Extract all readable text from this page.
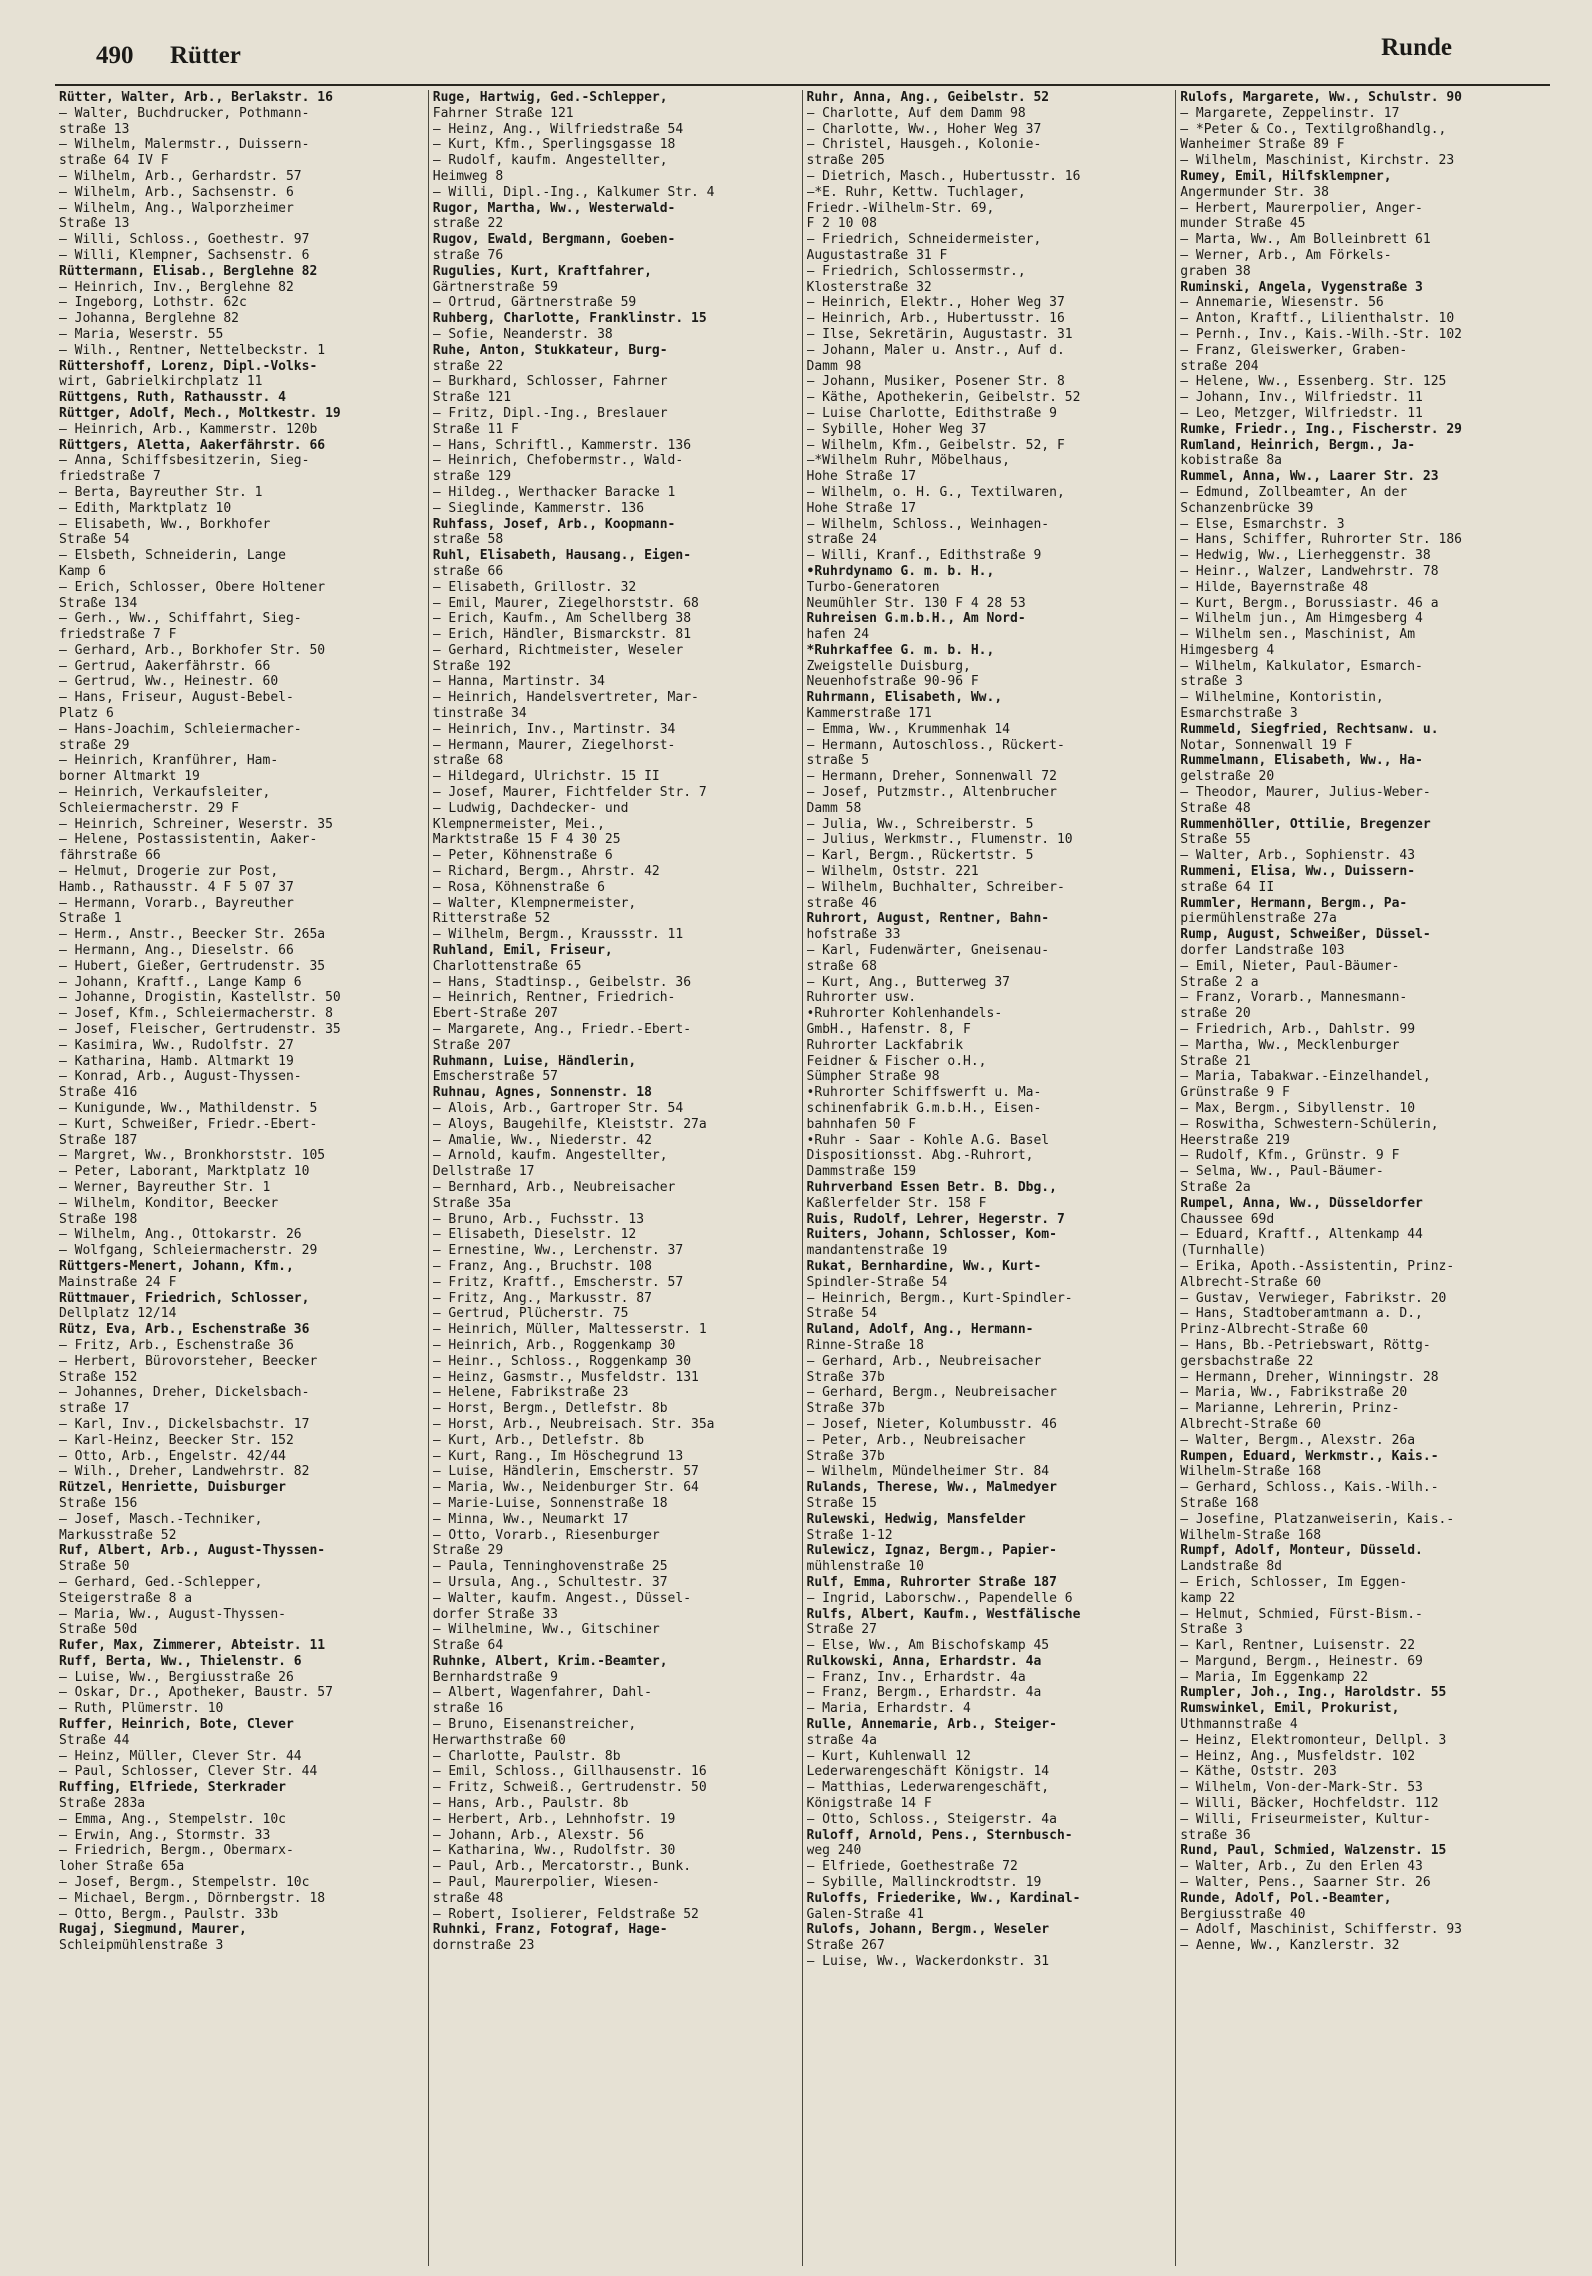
490 Rütter	Runde
Rütter, Walter, Arb., Berlakstr. 16
— Walter, Buchdrucker, Pothmann-
straße 13
— Wilhelm, Malermstr., Duissern-
straße 64 IV F
— Wilhelm, Arb., Gerhardstr. 57
— Wilhelm, Arb., Sachsenstr. 6
— Wilhelm, Ang., Walporzheimer
Straße 13
— Willi, Schloss., Goethestr. 97
— Willi, Klempner, Sachsenstr. 6
Rüttermann, Elisab., Berglehne 82
— Heinrich, Inv., Berglehne 82
— Ingeborg, Lothstr. 62c
— Johanna, Berglehne 82
— Maria, Weserstr. 55
— Wilh., Rentner, Nettelbeckstr. 1
Rüttershoff, Lorenz, Dipl.-Volks-
wirt, Gabrielkirchplatz 11
Rüttgens, Ruth, Rathausstr. 4
Rüttger, Adolf, Mech., Moltkestr. 19
— Heinrich, Arb., Kammerstr. 120b
Rüttgers, Aletta, Aakerfährstr. 66
— Anna, Schiffsbesitzerin, Sieg-
friedstraße 7
— Berta, Bayreuther Str. 1
— Edith, Marktplatz 10
— Elisabeth, Ww., Borkhofer
Straße 54
— Elsbeth, Schneiderin, Lange
Kamp 6
— Erich, Schlosser, Obere Holtener
Straße 134
— Gerh., Ww., Schiffahrt, Sieg-
friedstraße 7 F
— Gerhard, Arb., Borkhofer Str. 50
— Gertrud, Aakerfährstr. 66
— Gertrud, Ww., Heinestr. 60
— Hans, Friseur, August-Bebel-
Platz 6
— Hans-Joachim, Schleiermacher-
straße 29
— Heinrich, Kranführer, Ham-
borner Altmarkt 19
— Heinrich, Verkaufsleiter,
Schleiermacherstr. 29 F
— Heinrich, Schreiner, Weserstr. 35
— Helene, Postassistentin, Aaker-
fährstraße 66
— Helmut, Drogerie zur Post,
Hamb., Rathausstr. 4 F 5 07 37
— Hermann, Vorarb., Bayreuther
Straße 1
— Herm., Anstr., Beecker Str. 265a
— Hermann, Ang., Dieselstr. 66
— Hubert, Gießer, Gertrudenstr. 35
— Johann, Kraftf., Lange Kamp 6
— Johanne, Drogistin, Kastellstr. 50
— Josef, Kfm., Schleiermacherstr. 8
— Josef, Fleischer, Gertrudenstr. 35
— Kasimira, Ww., Rudolfstr. 27
— Katharina, Hamb. Altmarkt 19
— Konrad, Arb., August-Thyssen-
Straße 416
— Kunigunde, Ww., Mathildenstr. 5
— Kurt, Schweißer, Friedr.-Ebert-
Straße 187
— Margret, Ww., Bronkhorststr. 105
— Peter, Laborant, Marktplatz 10
— Werner, Bayreuther Str. 1
— Wilhelm, Konditor, Beecker
Straße 198
— Wilhelm, Ang., Ottokarstr. 26
— Wolfgang, Schleiermacherstr. 29
Rüttgers-Menert, Johann, Kfm.,
Mainstraße 24 F
Rüttmauer, Friedrich, Schlosser,
Dellplatz 12/14
Rütz, Eva, Arb., Eschenstraße 36
— Fritz, Arb., Eschenstraße 36
— Herbert, Bürovorsteher, Beecker
Straße 152
— Johannes, Dreher, Dickelsbach-
straße 17
— Karl, Inv., Dickelsbachstr. 17
— Karl-Heinz, Beecker Str. 152
— Otto, Arb., Engelstr. 42/44
— Wilh., Dreher, Landwehrstr. 82
Rützel, Henriette, Duisburger
Straße 156
— Josef, Masch.-Techniker,
Markusstraße 52
Ruf, Albert, Arb., August-Thyssen-
Straße 50
— Gerhard, Ged.-Schlepper,
Steigerstraße 8 a
— Maria, Ww., August-Thyssen-
Straße 50d
Rufer, Max, Zimmerer, Abteistr. 11
Ruff, Berta, Ww., Thielenstr. 6
— Luise, Ww., Bergiusstraße 26
— Oskar, Dr., Apotheker, Baustr. 57
— Ruth, Plümerstr. 10
Ruffer, Heinrich, Bote, Clever
Straße 44
— Heinz, Müller, Clever Str. 44
— Paul, Schlosser, Clever Str. 44
Ruffing, Elfriede, Sterkrader
Straße 283a
— Emma, Ang., Stempelstr. 10c
— Erwin, Ang., Stormstr. 33
— Friedrich, Bergm., Obermarx-
loher Straße 65a
— Josef, Bergm., Stempelstr. 10c
— Michael, Bergm., Dörnbergstr. 18
— Otto, Bergm., Paulstr. 33b
Rugaj, Siegmund, Maurer,
Schleipmühlenstraße 3
Ruge, Hartwig, Ged.-Schlepper,
Fahrner Straße 121
— Heinz, Ang., Wilfriedstraße 54
— Kurt, Kfm., Sperlingsgasse 18
— Rudolf, kaufm. Angestellter,
Heimweg 8
— Willi, Dipl.-Ing., Kalkumer Str. 4
Rugor, Martha, Ww., Westerwald-
straße 22
Rugov, Ewald, Bergmann, Goeben-
straße 76
Rugulies, Kurt, Kraftfahrer,
Gärtnerstraße 59
— Ortrud, Gärtnerstraße 59
Ruhberg, Charlotte, Franklinstr. 15
— Sofie, Neanderstr. 38
Ruhe, Anton, Stukkateur, Burg-
straße 22
— Burkhard, Schlosser, Fahrner
Straße 121
— Fritz, Dipl.-Ing., Breslauer
Straße 11 F
— Hans, Schriftl., Kammerstr. 136
— Heinrich, Chefobermstr., Wald-
straße 129
— Hildeg., Werthacker Baracke 1
— Sieglinde, Kammerstr. 136
Ruhfass, Josef, Arb., Koopmann-
straße 58
Ruhl, Elisabeth, Hausang., Eigen-
straße 66
— Elisabeth, Grillostr. 32
— Emil, Maurer, Ziegelhorststr. 68
— Erich, Kaufm., Am Schellberg 38
— Erich, Händler, Bismarckstr. 81
— Gerhard, Richtmeister, Weseler
Straße 192
— Hanna, Martinstr. 34
— Heinrich, Handelsvertreter, Mar-
tinstraße 34
— Heinrich, Inv., Martinstr. 34
— Hermann, Maurer, Ziegelhorst-
straße 68
— Hildegard, Ulrichstr. 15 II
— Josef, Maurer, Fichtfelder Str. 7
— Ludwig, Dachdecker- und
Klempnermeister, Mei.,
Marktstraße 15 F 4 30 25
— Peter, Köhnenstraße 6
— Richard, Bergm., Ahrstr. 42
— Rosa, Köhnenstraße 6
— Walter, Klempnermeister,
Ritterstraße 52
— Wilhelm, Bergm., Kraussstr. 11
Ruhland, Emil, Friseur,
Charlottenstraße 65
— Hans, Stadtinsp., Geibelstr. 36
— Heinrich, Rentner, Friedrich-
Ebert-Straße 207
— Margarete, Ang., Friedr.-Ebert-
Straße 207
Ruhmann, Luise, Händlerin,
Emscherstraße 57
Ruhnau, Agnes, Sonnenstr. 18
— Alois, Arb., Gartroper Str. 54
— Aloys, Baugehilfe, Kleiststr. 27a
— Amalie, Ww., Niederstr. 42
— Arnold, kaufm. Angestellter,
Dellstraße 17
— Bernhard, Arb., Neubreisacher
Straße 35a
— Bruno, Arb., Fuchsstr. 13
— Elisabeth, Dieselstr. 12
— Ernestine, Ww., Lerchenstr. 37
— Franz, Ang., Bruchstr. 108
— Fritz, Kraftf., Emscherstr. 57
— Fritz, Ang., Markusstr. 87
— Gertrud, Plücherstr. 75
— Heinrich, Müller, Maltesserstr. 1
— Heinrich, Arb., Roggenkamp 30
— Heinr., Schloss., Roggenkamp 30
— Heinz, Gasmstr., Musfeldstr. 131
— Helene, Fabrikstraße 23
— Horst, Bergm., Detlefstr. 8b
— Horst, Arb., Neubreisach. Str. 35a
— Kurt, Arb., Detlefstr. 8b
— Kurt, Rang., Im Höschegrund 13
— Luise, Händlerin, Emscherstr. 57
— Maria, Ww., Neidenburger Str. 64
— Marie-Luise, Sonnenstraße 18
— Minna, Ww., Neumarkt 17
— Otto, Vorarb., Riesenburger
Straße 29
— Paula, Tenninghovenstraße 25
— Ursula, Ang., Schultestr. 37
— Walter, kaufm. Angest., Düssel-
dorfer Straße 33
— Wilhelmine, Ww., Gitschiner
Straße 64
Ruhnke, Albert, Krim.-Beamter,
Bernhardstraße 9
— Albert, Wagenfahrer, Dahl-
straße 16
— Bruno, Eisenanstreicher,
Herwarthstraße 60
— Charlotte, Paulstr. 8b
— Emil, Schloss., Gillhausenstr. 16
— Fritz, Schweiß., Gertrudenstr. 50
— Hans, Arb., Paulstr. 8b
— Herbert, Arb., Lehnhofstr. 19
— Johann, Arb., Alexstr. 56
— Katharina, Ww., Rudolfstr. 30
— Paul, Arb., Mercatorstr., Bunk.
— Paul, Maurerpolier, Wiesen-
straße 48
— Robert, Isolierer, Feldstraße 52
Ruhnki, Franz, Fotograf, Hage-
dornstraße 23
Ruhr, Anna, Ang., Geibelstr. 52
— Charlotte, Auf dem Damm 98
— Charlotte, Ww., Hoher Weg 37
— Christel, Hausgeh., Kolonie-
straße 205
— Dietrich, Masch., Hubertusstr. 16
—*E. Ruhr, Kettw. Tuchlager,
Friedr.-Wilhelm-Str. 69,
F 2 10 08
— Friedrich, Schneidermeister,
Augustastraße 31 F
— Friedrich, Schlossermstr.,
Klosterstraße 32
— Heinrich, Elektr., Hoher Weg 37
— Heinrich, Arb., Hubertusstr. 16
— Ilse, Sekretärin, Augustastr. 31
— Johann, Maler u. Anstr., Auf d.
Damm 98
— Johann, Musiker, Posener Str. 8
— Käthe, Apothekerin, Geibelstr. 52
— Luise Charlotte, Edithstraße 9
— Sybille, Hoher Weg 37
— Wilhelm, Kfm., Geibelstr. 52, F
—*Wilhelm Ruhr, Möbelhaus,
Hohe Straße 17
— Wilhelm, o. H. G., Textilwaren,
Hohe Straße 17
— Wilhelm, Schloss., Weinhagen-
straße 24
— Willi, Kranf., Edithstraße 9
•Ruhrdynamo G. m. b. H.,
Turbo-Generatoren
Neumühler Str. 130 F 4 28 53
Ruhreisen G.m.b.H., Am Nord-
hafen 24
*Ruhrkaffee G. m. b. H.,
Zweigstelle Duisburg,
Neuenhofstraße 90-96 F
Ruhrmann, Elisabeth, Ww.,
Kammerstraße 171
— Emma, Ww., Krummenhak 14
— Hermann, Autoschloss., Rückert-
straße 5
— Hermann, Dreher, Sonnenwall 72
— Josef, Putzmstr., Altenbrucher
Damm 58
— Julia, Ww., Schreiberstr. 5
— Julius, Werkmstr., Flumenstr. 10
— Karl, Bergm., Rückertstr. 5
— Wilhelm, Oststr. 221
— Wilhelm, Buchhalter, Schreiber-
straße 46
Ruhrort, August, Rentner, Bahn-
hofstraße 33
— Karl, Fudenwärter, Gneisenau-
straße 68
— Kurt, Ang., Butterweg 37
Ruhrorter usw.
•Ruhrorter Kohlenhandels-
GmbH., Hafenstr. 8, F
Ruhrorter Lackfabrik
Feidner & Fischer o.H.,
Sümpher Straße 98
•Ruhrorter Schiffswerft u. Ma-
schinenfabrik G.m.b.H., Eisen-
bahnhafen 50 F
•Ruhr - Saar - Kohle A.G. Basel
Dispositionsst. Abg.-Ruhrort,
Dammstraße 159
Ruhrverband Essen Betr. B. Dbg.,
Kaßlerfelder Str. 158 F
Ruis, Rudolf, Lehrer, Hegerstr. 7
Ruiters, Johann, Schlosser, Kom-
mandantenstraße 19
Rukat, Bernhardine, Ww., Kurt-
Spindler-Straße 54
— Heinrich, Bergm., Kurt-Spindler-
Straße 54
Ruland, Adolf, Ang., Hermann-
Rinne-Straße 18
— Gerhard, Arb., Neubreisacher
Straße 37b
— Gerhard, Bergm., Neubreisacher
Straße 37b
— Josef, Nieter, Kolumbusstr. 46
— Peter, Arb., Neubreisacher
Straße 37b
— Wilhelm, Mündelheimer Str. 84
Rulands, Therese, Ww., Malmedyer
Straße 15
Rulewski, Hedwig, Mansfelder
Straße 1-12
Rulewicz, Ignaz, Bergm., Papier-
mühlenstraße 10
Rulf, Emma, Ruhrorter Straße 187
— Ingrid, Laborschw., Papendelle 6
Rulfs, Albert, Kaufm., Westfälische
Straße 27
— Else, Ww., Am Bischofskamp 45
Rulkowski, Anna, Erhardstr. 4a
— Franz, Inv., Erhardstr. 4a
— Franz, Bergm., Erhardstr. 4a
— Maria, Erhardstr. 4
Rulle, Annemarie, Arb., Steiger-
straße 4a
— Kurt, Kuhlenwall 12
Lederwarengeschäft Königstr. 14
— Matthias, Lederwarengeschäft,
Königstraße 14 F
— Otto, Schloss., Steigerstr. 4a
Ruloff, Arnold, Pens., Sternbusch-
weg 240
— Elfriede, Goethestraße 72
— Sybille, Mallinckrodtstr. 19
Ruloffs, Friederike, Ww., Kardinal-
Galen-Straße 41
Rulofs, Johann, Bergm., Weseler
Straße 267
— Luise, Ww., Wackerdonkstr. 31
Rulofs, Margarete, Ww., Schulstr. 90
— Margarete, Zeppelinstr. 17
— *Peter & Co., Textilgroßhandlg.,
Wanheimer Straße 89 F
— Wilhelm, Maschinist, Kirchstr. 23
Rumey, Emil, Hilfsklempner,
Angermunder Str. 38
— Herbert, Maurerpolier, Anger-
munder Straße 45
— Marta, Ww., Am Bolleinbrett 61
— Werner, Arb., Am Förkels-
graben 38
Ruminski, Angela, Vygenstraße 3
— Annemarie, Wiesenstr. 56
— Anton, Kraftf., Lilienthalstr. 10
— Pernh., Inv., Kais.-Wilh.-Str. 102
— Franz, Gleiswerker, Graben-
straße 204
— Helene, Ww., Essenberg. Str. 125
— Johann, Inv., Wilfriedstr. 11
— Leo, Metzger, Wilfriedstr. 11
Rumke, Friedr., Ing., Fischerstr. 29
Rumland, Heinrich, Bergm., Ja-
kobistraße 8a
Rummel, Anna, Ww., Laarer Str. 23
— Edmund, Zollbeamter, An der
Schanzenbrücke 39
— Else, Esmarchstr. 3
— Hans, Schiffer, Ruhrorter Str. 186
— Hedwig, Ww., Lierheggenstr. 38
— Heinr., Walzer, Landwehrstr. 78
— Hilde, Bayernstraße 48
— Kurt, Bergm., Borussiastr. 46 a
— Wilhelm jun., Am Himgesberg 4
— Wilhelm sen., Maschinist, Am
Himgesberg 4
— Wilhelm, Kalkulator, Esmarch-
straße 3
— Wilhelmine, Kontoristin,
Esmarchstraße 3
Rummeld, Siegfried, Rechtsanw. u.
Notar, Sonnenwall 19 F
Rummelmann, Elisabeth, Ww., Ha-
gelstraße 20
— Theodor, Maurer, Julius-Weber-
Straße 48
Rummenhöller, Ottilie, Bregenzer
Straße 55
— Walter, Arb., Sophienstr. 43
Rummeni, Elisa, Ww., Duissern-
straße 64 II
Rummler, Hermann, Bergm., Pa-
piermühlenstraße 27a
Rump, August, Schweißer, Düssel-
dorfer Landstraße 103
— Emil, Nieter, Paul-Bäumer-
Straße 2 a
— Franz, Vorarb., Mannesmann-
straße 20
— Friedrich, Arb., Dahlstr. 99
— Martha, Ww., Mecklenburger
Straße 21
— Maria, Tabakwar.-Einzelhandel,
Grünstraße 9 F
— Max, Bergm., Sibyllenstr. 10
— Roswitha, Schwestern-Schülerin,
Heerstraße 219
— Rudolf, Kfm., Grünstr. 9 F
— Selma, Ww., Paul-Bäumer-
Straße 2a
Rumpel, Anna, Ww., Düsseldorfer
Chaussee 69d
— Eduard, Kraftf., Altenkamp 44
(Turnhalle)
— Erika, Apoth.-Assistentin, Prinz-
Albrecht-Straße 60
— Gustav, Verwieger, Fabrikstr. 20
— Hans, Stadtobeгamtmann a. D.,
Prinz-Albrecht-Straße 60
— Hans, Bb.-Petriebswart, Röttg-
gersbachstraße 22
— Hermann, Dreher, Winningstr. 28
— Maria, Ww., Fabrikstraße 20
— Marianne, Lehrerin, Prinz-
Albrecht-Straße 60
— Walter, Bergm., Alexstr. 26a
Rumpen, Eduard, Werkmstr., Kais.-
Wilhelm-Straße 168
— Gerhard, Schloss., Kais.-Wilh.-
Straße 168
— Josefine, Platzanweiserin, Kais.-
Wilhelm-Straße 168
Rumpf, Adolf, Monteur, Düsseld.
Landstraße 8d
— Erich, Schlosser, Im Eggen-
kamp 22
— Helmut, Schmied, Fürst-Bism.-
Straße 3
— Karl, Rentner, Luisenstr. 22
— Margund, Bergm., Heinestr. 69
— Maria, Im Eggenkamp 22
Rumpler, Joh., Ing., Haroldstr. 55
Rumswinkel, Emil, Prokurist,
Uthmannstraße 4
— Heinz, Elektromonteur, Dellpl. 3
— Heinz, Ang., Musfeldstr. 102
— Käthe, Oststr. 203
— Wilhelm, Von-der-Mark-Str. 53
— Willi, Bäcker, Hochfeldstr. 112
— Willi, Friseurmeister, Kultur-
straße 36
Rund, Paul, Schmied, Walzenstr. 15
— Walter, Arb., Zu den Erlen 43
— Walter, Pens., Saarner Str. 26
Runde, Adolf, Pol.-Beamter,
Bergiusstraße 40
— Adolf, Maschinist, Schifferstr. 93
— Aenne, Ww., Kanzlerstr. 32
